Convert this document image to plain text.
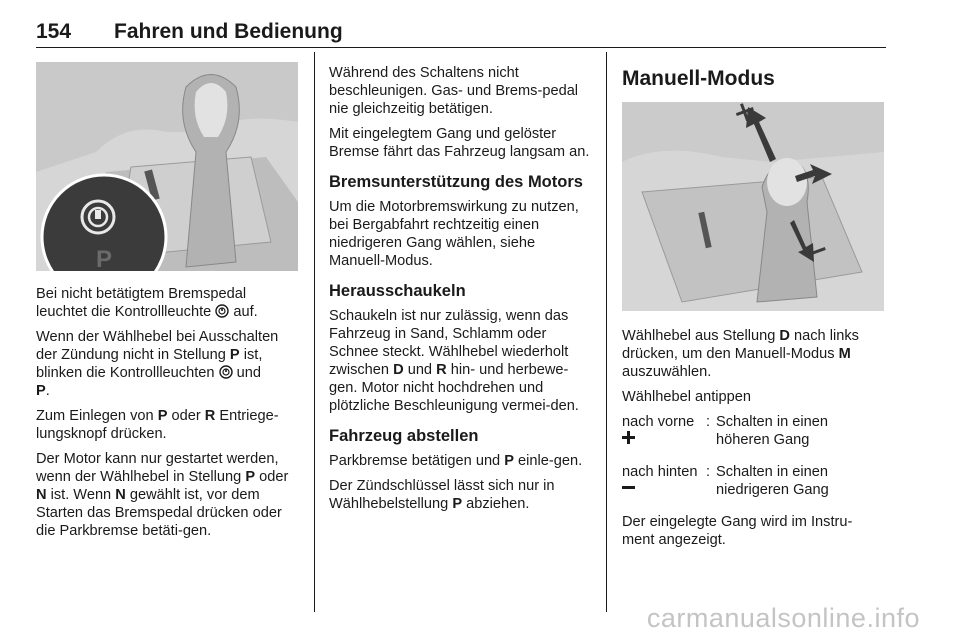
154 Fahren und Bedienung
P

Bei nicht betätigtem Bremspedal leuchtet die Kontrollleuchte auf.

Wenn der Wählhebel bei Ausschalten der Zündung nicht in Stellung P ist, blinken die Kontrollleuchten und
P.

Zum Einlegen von P oder R Entriege-lungsknopf drücken.

Der Motor kann nur gestartet werden, wenn der Wählhebel in Stellung P oder N ist. Wenn N gewählt ist, vor dem Starten das Bremspedal drücken oder die Parkbremse betäti-gen.

Während des Schaltens nicht beschleunigen. Gas- und Brems-pedal nie gleichzeitig betätigen.

Mit eingelegtem Gang und gelöster Bremse fährt das Fahrzeug langsam an.

Bremsunterstützung des Motors

Um die Motorbremswirkung zu nutzen, bei Bergabfahrt rechtzeitig einen niedrigeren Gang wählen, siehe Manuell-Modus.

Herausschaukeln

Schaukeln ist nur zulässig, wenn das Fahrzeug in Sand, Schlamm oder Schnee steckt. Wählhebel wiederholt zwischen D und R hin- und herbewe-gen. Motor nicht hochdrehen und plötzliche Beschleunigung vermei-den.

Fahrzeug abstellen

Parkbremse betätigen und P einle-gen.

Der Zündschlüssel lässt sich nur in Wählhebelstellung P abziehen.

Manuell-Modus

Wählhebel aus Stellung D nach links drücken, um den Manuell-Modus M auszuwählen.

Wählhebel antippen

nach vorne	:	Schalten in einen höheren Gang
nach hinten	:	Schalten in einen niedrigeren Gang

Der eingelegte Gang wird im Instru-ment angezeigt.

carmanualsonline.info
